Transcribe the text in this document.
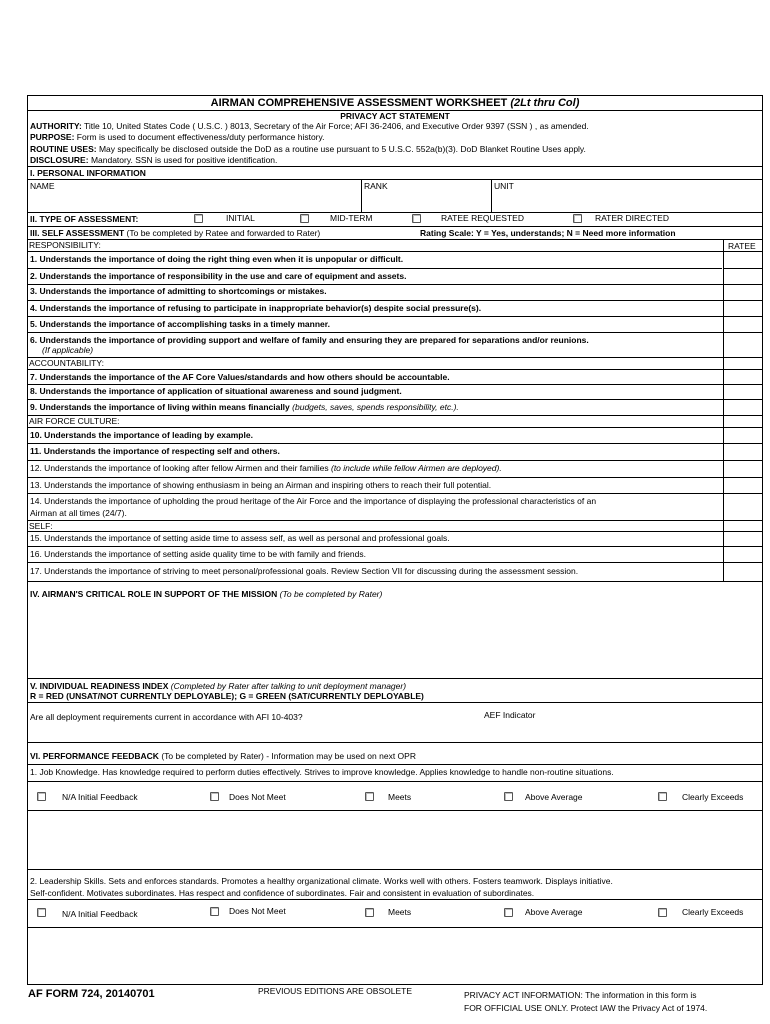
AIRMAN COMPREHENSIVE ASSESSMENT WORKSHEET (2Lt thru Col)
PRIVACY ACT STATEMENT
AUTHORITY: Title 10, United States Code ( U.S.C. ) 8013, Secretary of the Air Force; AFI 36-2406, and Executive Order 9397 (SSN ) , as amended.
PURPOSE: Form is used to document effectiveness/duty performance history.
ROUTINE USES: May specifically be disclosed outside the DoD as a routine use pursuant to 5 U.S.C. 552a(b)(3). DoD Blanket Routine Uses apply.
DISCLOSURE: Mandatory. SSN is used for positive identification.
I. PERSONAL INFORMATION
NAME	RANK	UNIT
II. TYPE OF ASSESSMENT:	INITIAL	MID-TERM	RATEE REQUESTED	RATER DIRECTED
III. SELF ASSESSMENT (To be completed by Ratee and forwarded to Rater)	Rating Scale: Y = Yes, understands; N = Need more information
RESPONSIBILITY:	RATEE
1. Understands the importance of doing the right thing even when it is unpopular or difficult.
2. Understands the importance of responsibility in the use and care of equipment and assets.
3. Understands the importance of admitting to shortcomings or mistakes.
4. Understands the importance of refusing to participate in inappropriate behavior(s) despite social pressure(s).
5. Understands the importance of accomplishing tasks in a timely manner.
6. Understands the importance of providing support and welfare of family and ensuring they are prepared for separations and/or reunions.
(If applicable)
ACCOUNTABILITY:
7. Understands the importance of the AF Core Values/standards and how others should be accountable.
8. Understands the importance of application of situational awareness and sound judgment.
9. Understands the importance of living within means financially (budgets, saves, spends responsibility, etc.).
AIR FORCE CULTURE:
10. Understands the importance of leading by example.
11. Understands the importance of respecting self and others.
12. Understands the importance of looking after fellow Airmen and their families (to include while fellow Airmen are deployed).
13. Understands the importance of showing enthusiasm in being an Airman and inspiring others to reach their full potential.
14. Understands the importance of upholding the proud heritage of the Air Force and the importance of displaying the professional characteristics of an
Airman at all times (24/7).
SELF:
15. Understands the importance of setting aside time to assess self, as well as personal and professional goals.
16. Understands the importance of setting aside quality time to be with family and friends.
17. Understands the importance of striving to meet personal/professional goals. Review Section VII for discussing during the assessment session.
IV. AIRMAN'S CRITICAL ROLE IN SUPPORT OF THE MISSION (To be completed by Rater)
V. INDIVIDUAL READINESS INDEX (Completed by Rater after talking to unit deployment manager)
R = RED (UNSAT/NOT CURRENTLY DEPLOYABLE); G = GREEN (SAT/CURRENTLY DEPLOYABLE)
Are all deployment requirements current in accordance with AFI 10-403?	AEF Indicator
VI. PERFORMANCE FEEDBACK (To be completed by Rater) - Information may be used on next OPR
1. Job Knowledge. Has knowledge required to perform duties effectively. Strives to improve knowledge. Applies knowledge to handle non-routine situations.
N/A Initial Feedback	Does Not Meet	Meets	Above Average	Clearly Exceeds
2. Leadership Skills. Sets and enforces standards. Promotes a healthy organizational climate. Works well with others. Fosters teamwork. Displays initiative.
Self-confident. Motivates subordinates. Has respect and confidence of subordinates. Fair and consistent in evaluation of subordinates.
N/A Initial Feedback	Does Not Meet	Meets	Above Average	Clearly Exceeds
AF FORM 724, 20140701	PREVIOUS EDITIONS ARE OBSOLETE	PRIVACY ACT INFORMATION: The information in this form is
FOR OFFICIAL USE ONLY. Protect IAW the Privacy Act of 1974.
